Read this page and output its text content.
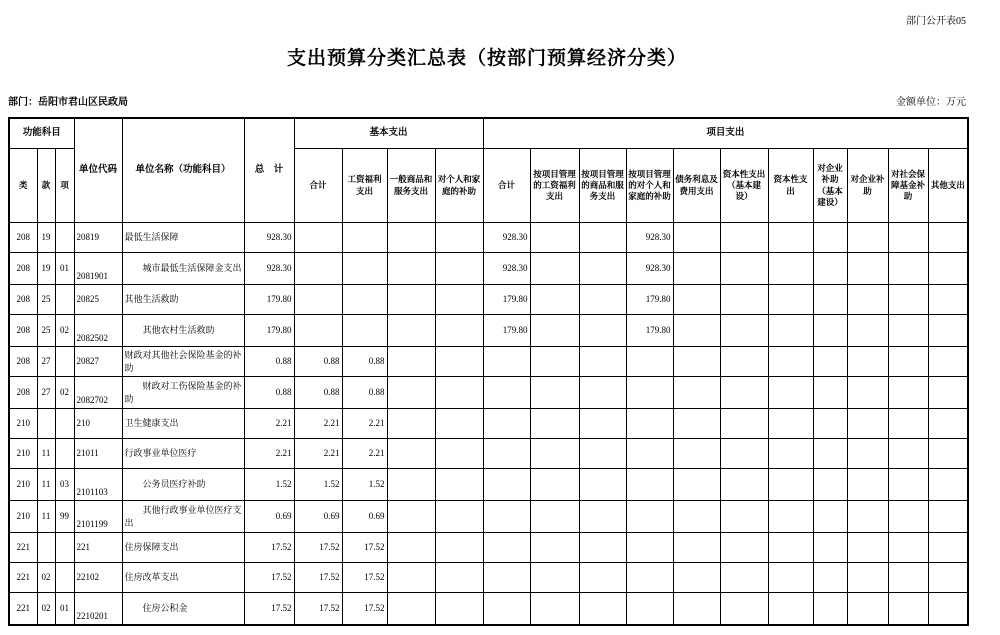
部门公开表05
支出预算分类汇总表（按部门预算经济分类）
部门：岳阳市君山区民政局	金额单位：万元
功能科目			单位代码	单位名称（功能科目）	总　计	基本支出				项目支出										
类	款	项				合计	工资福利支出	一般商品和服务支出	对个人和家庭的补助	合计	按项目管理的工资福利支出	按项目管理的商品和服务支出	按项目管理的对个人和家庭的补助	债务利息及费用支出	资本性支出（基本建设）	资本性支出	对企业补助（基本建设）	对企业补助	对社会保障基金补助	其他支出
208	19		20819	最低生活保障	928.30					928.30			928.30							
208	19	01	2081901	城市最低生活保障金支出	928.30					928.30			928.30							
208	25		20825	其他生活救助	179.80					179.80			179.80							
208	25	02	2082502	其他农村生活救助	179.80					179.80			179.80							
208	27		20827	财政对其他社会保险基金的补助	0.88	0.88	0.88													
208	27	02	2082702	财政对工伤保险基金的补助	0.88	0.88	0.88													
210			210	卫生健康支出	2.21	2.21	2.21													
210	11		21011	行政事业单位医疗	2.21	2.21	2.21													
210	11	03	2101103	公务员医疗补助	1.52	1.52	1.52													
210	11	99	2101199	其他行政事业单位医疗支出	0.69	0.69	0.69													
221			221	住房保障支出	17.52	17.52	17.52													
221	02		22102	住房改革支出	17.52	17.52	17.52													
221	02	01	2210201	住房公积金	17.52	17.52	17.52													
